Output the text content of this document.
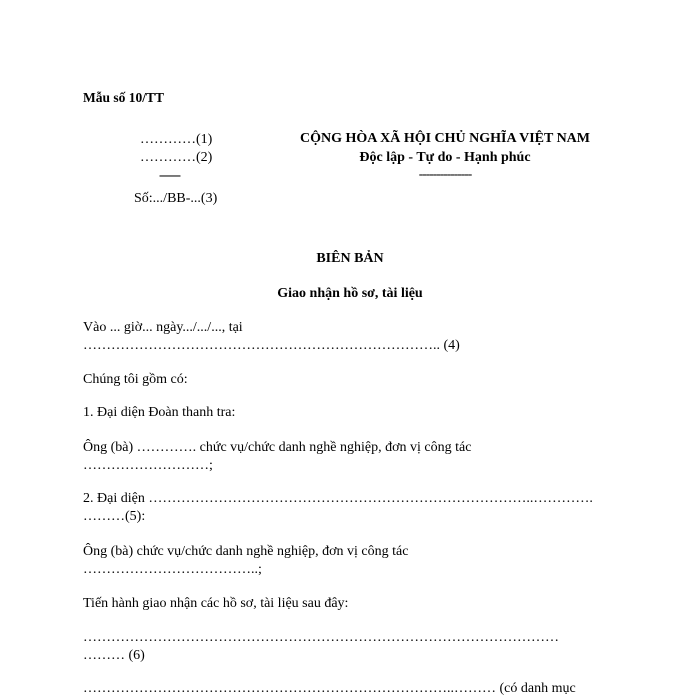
Mẫu số 10/TT
…………(1)
…………(2)
------
Số:.../BB-...(3)
CỘNG HÒA XÃ HỘI CHỦ NGHĨA VIỆT NAM
Độc lập - Tự do - Hạnh phúc
---------------
BIÊN BẢN
Giao nhận hồ sơ, tài liệu
Vào ... giờ... ngày.../.../..., tại
………………………………………………………………….. (4)
Chúng tôi gồm có:
1. Đại diện Đoàn thanh tra:
Ông (bà) …………. chức vụ/chức danh nghề nghiệp, đơn vị công tác
………………………;
2. Đại diện ………………………………………………………………………..………….
………(5):
Ông (bà) chức vụ/chức danh nghề nghiệp, đơn vị công tác
………………………………..;
Tiến hành giao nhận các hồ sơ, tài liệu sau đây:
…………………………………………………………………………………………
……… (6)
……………………………………………………………………..……… (có danh mục
